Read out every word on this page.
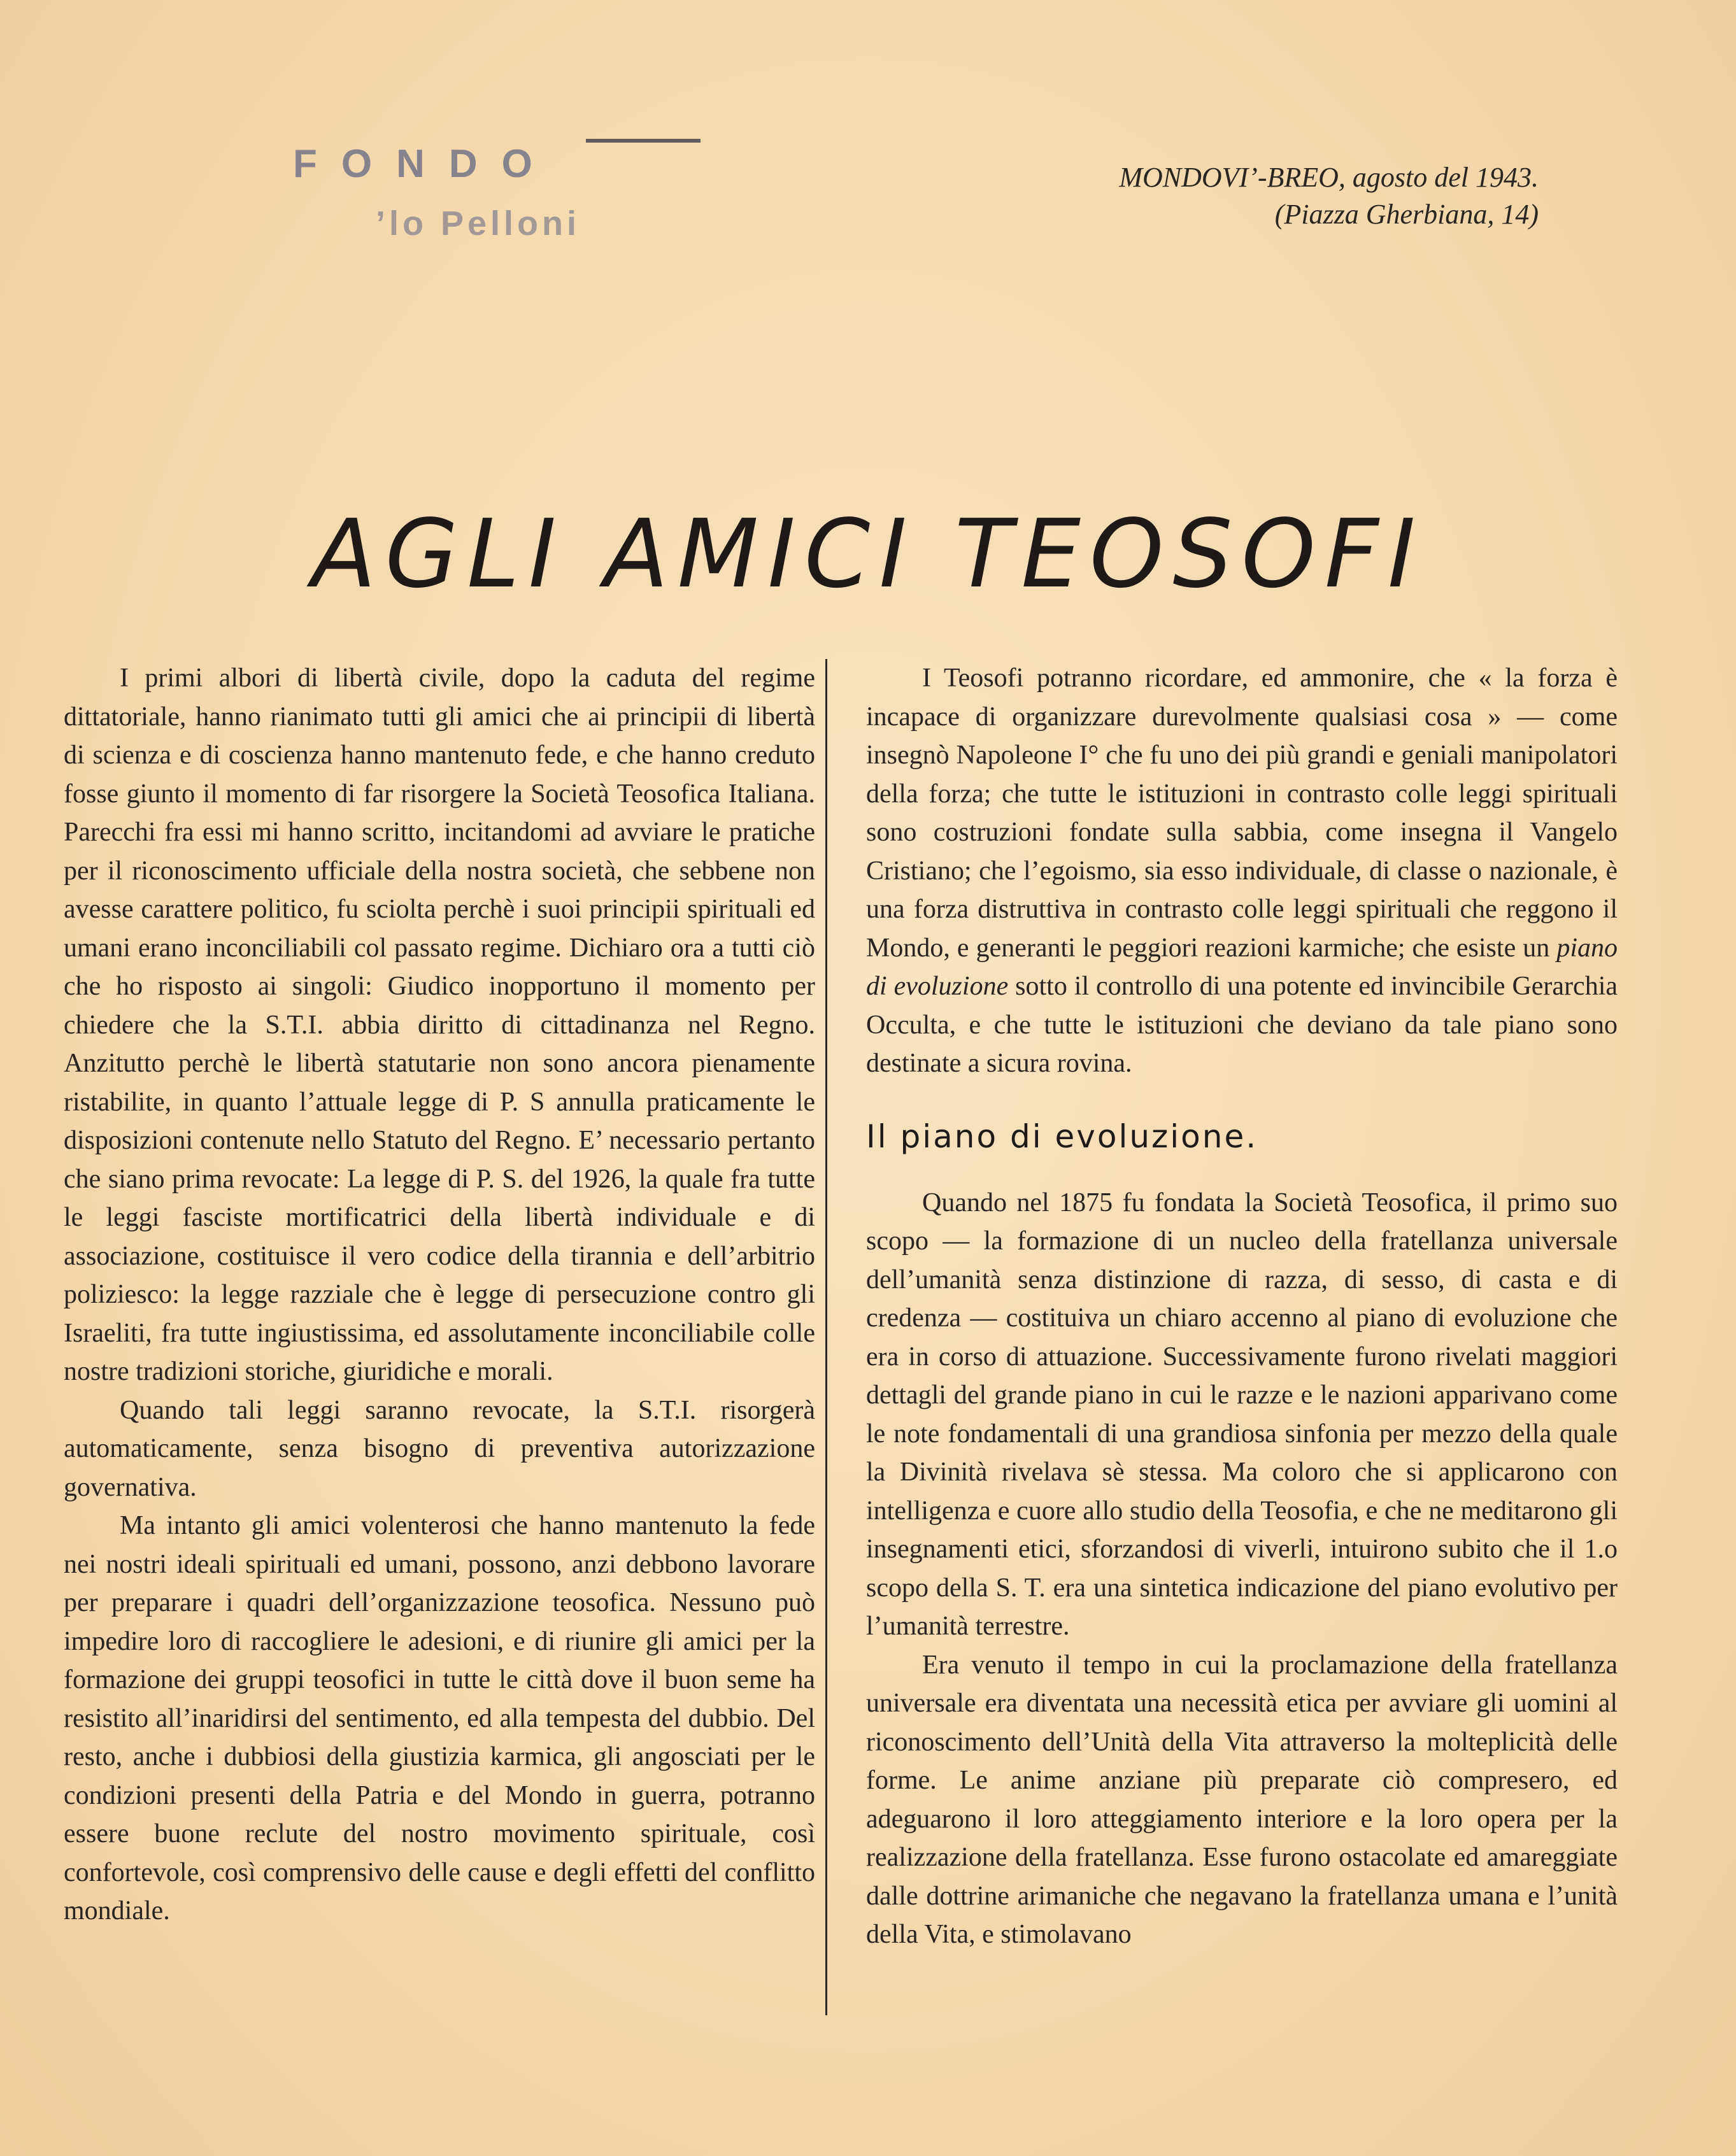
FONDO
’lo Pelloni
MONDOVI’-BREO, agosto del 1943.
(Piazza Gherbiana, 14)
AGLI AMICI TEOSOFI

I primi albori di libertà civile, dopo la caduta del regime dittatoriale, hanno rianimato tutti gli amici che ai principii di libertà di scienza e di coscienza hanno mantenuto fede, e che hanno creduto fosse giunto il momento di far risorgere la Società Teosofica Italiana. Parecchi fra essi mi hanno scritto, incitandomi ad avviare le pratiche per il riconoscimento ufficiale della nostra società, che sebbene non avesse carattere politico, fu sciolta perchè i suoi principii spirituali ed umani erano inconciliabili col passato regime. Dichiaro ora a tutti ciò che ho risposto ai singoli: Giudico inopportuno il momento per chiedere che la S.T.I. abbia diritto di cittadinanza nel Regno. Anzitutto perchè le libertà statutarie non sono ancora pienamente ristabilite, in quanto l’attuale legge di P. S annulla praticamente le disposizioni contenute nello Statuto del Regno. E’ necessario pertanto che siano prima revocate: La legge di P. S. del 1926, la quale fra tutte le leggi fasciste mortificatrici della libertà individuale e di associazione, costituisce il vero codice della tirannia e dell’arbitrio poliziesco: la legge razziale che è legge di persecuzione contro gli Israeliti, fra tutte ingiustissima, ed assolutamente inconciliabile colle nostre tradizioni storiche, giuridiche e morali.

Quando tali leggi saranno revocate, la S.T.I. risorgerà automaticamente, senza bisogno di preventiva autorizzazione governativa.

Ma intanto gli amici volenterosi che hanno mantenuto la fede nei nostri ideali spirituali ed umani, possono, anzi debbono lavorare per preparare i quadri dell’organizzazione teosofica. Nessuno può impedire loro di raccogliere le adesioni, e di riunire gli amici per la formazione dei gruppi teosofici in tutte le città dove il buon seme ha resistito all’inaridirsi del sentimento, ed alla tempesta del dubbio. Del resto, anche i dubbiosi della giustizia karmica, gli angosciati per le condizioni presenti della Patria e del Mondo in guerra, potranno essere buone reclute del nostro movimento spirituale, così confortevole, così comprensivo delle cause e degli effetti del conflitto mondiale.

I Teosofi potranno ricordare, ed ammonire, che « la forza è incapace di organizzare durevolmente qualsiasi cosa » — come insegnò Napoleone I° che fu uno dei più grandi e geniali manipolatori della forza; che tutte le istituzioni in contrasto colle leggi spirituali sono costruzioni fondate sulla sabbia, come insegna il Vangelo Cristiano; che l’egoismo, sia esso individuale, di classe o nazionale, è una forza distruttiva in contrasto colle leggi spirituali che reggono il Mondo, e generanti le peggiori reazioni karmiche; che esiste un piano di evoluzione sotto il controllo di una potente ed invincibile Gerarchia Occulta, e che tutte le istituzioni che deviano da tale piano sono destinate a sicura rovina.

Il piano di evoluzione.

Quando nel 1875 fu fondata la Società Teosofica, il primo suo scopo — la formazione di un nucleo della fratellanza universale dell’umanità senza distinzione di razza, di sesso, di casta e di credenza — costituiva un chiaro accenno al piano di evoluzione che era in corso di attuazione. Successivamente furono rivelati maggiori dettagli del grande piano in cui le razze e le nazioni apparivano come le note fondamentali di una grandiosa sinfonia per mezzo della quale la Divinità rivelava sè stessa. Ma coloro che si applicarono con intelligenza e cuore allo studio della Teosofia, e che ne meditarono gli insegnamenti etici, sforzandosi di viverli, intuirono subito che il 1.o scopo della S. T. era una sintetica indicazione del piano evolutivo per l’umanità terrestre.

Era venuto il tempo in cui la proclamazione della fratellanza universale era diventata una necessità etica per avviare gli uomini al riconoscimento dell’Unità della Vita attraverso la molteplicità delle forme. Le anime anziane più preparate ciò compresero, ed adeguarono il loro atteggiamento interiore e la loro opera per la realizzazione della fratellanza. Esse furono ostacolate ed amareggiate dalle dottrine arimaniche che negavano la fratellanza umana e l’unità della Vita, e stimolavano
